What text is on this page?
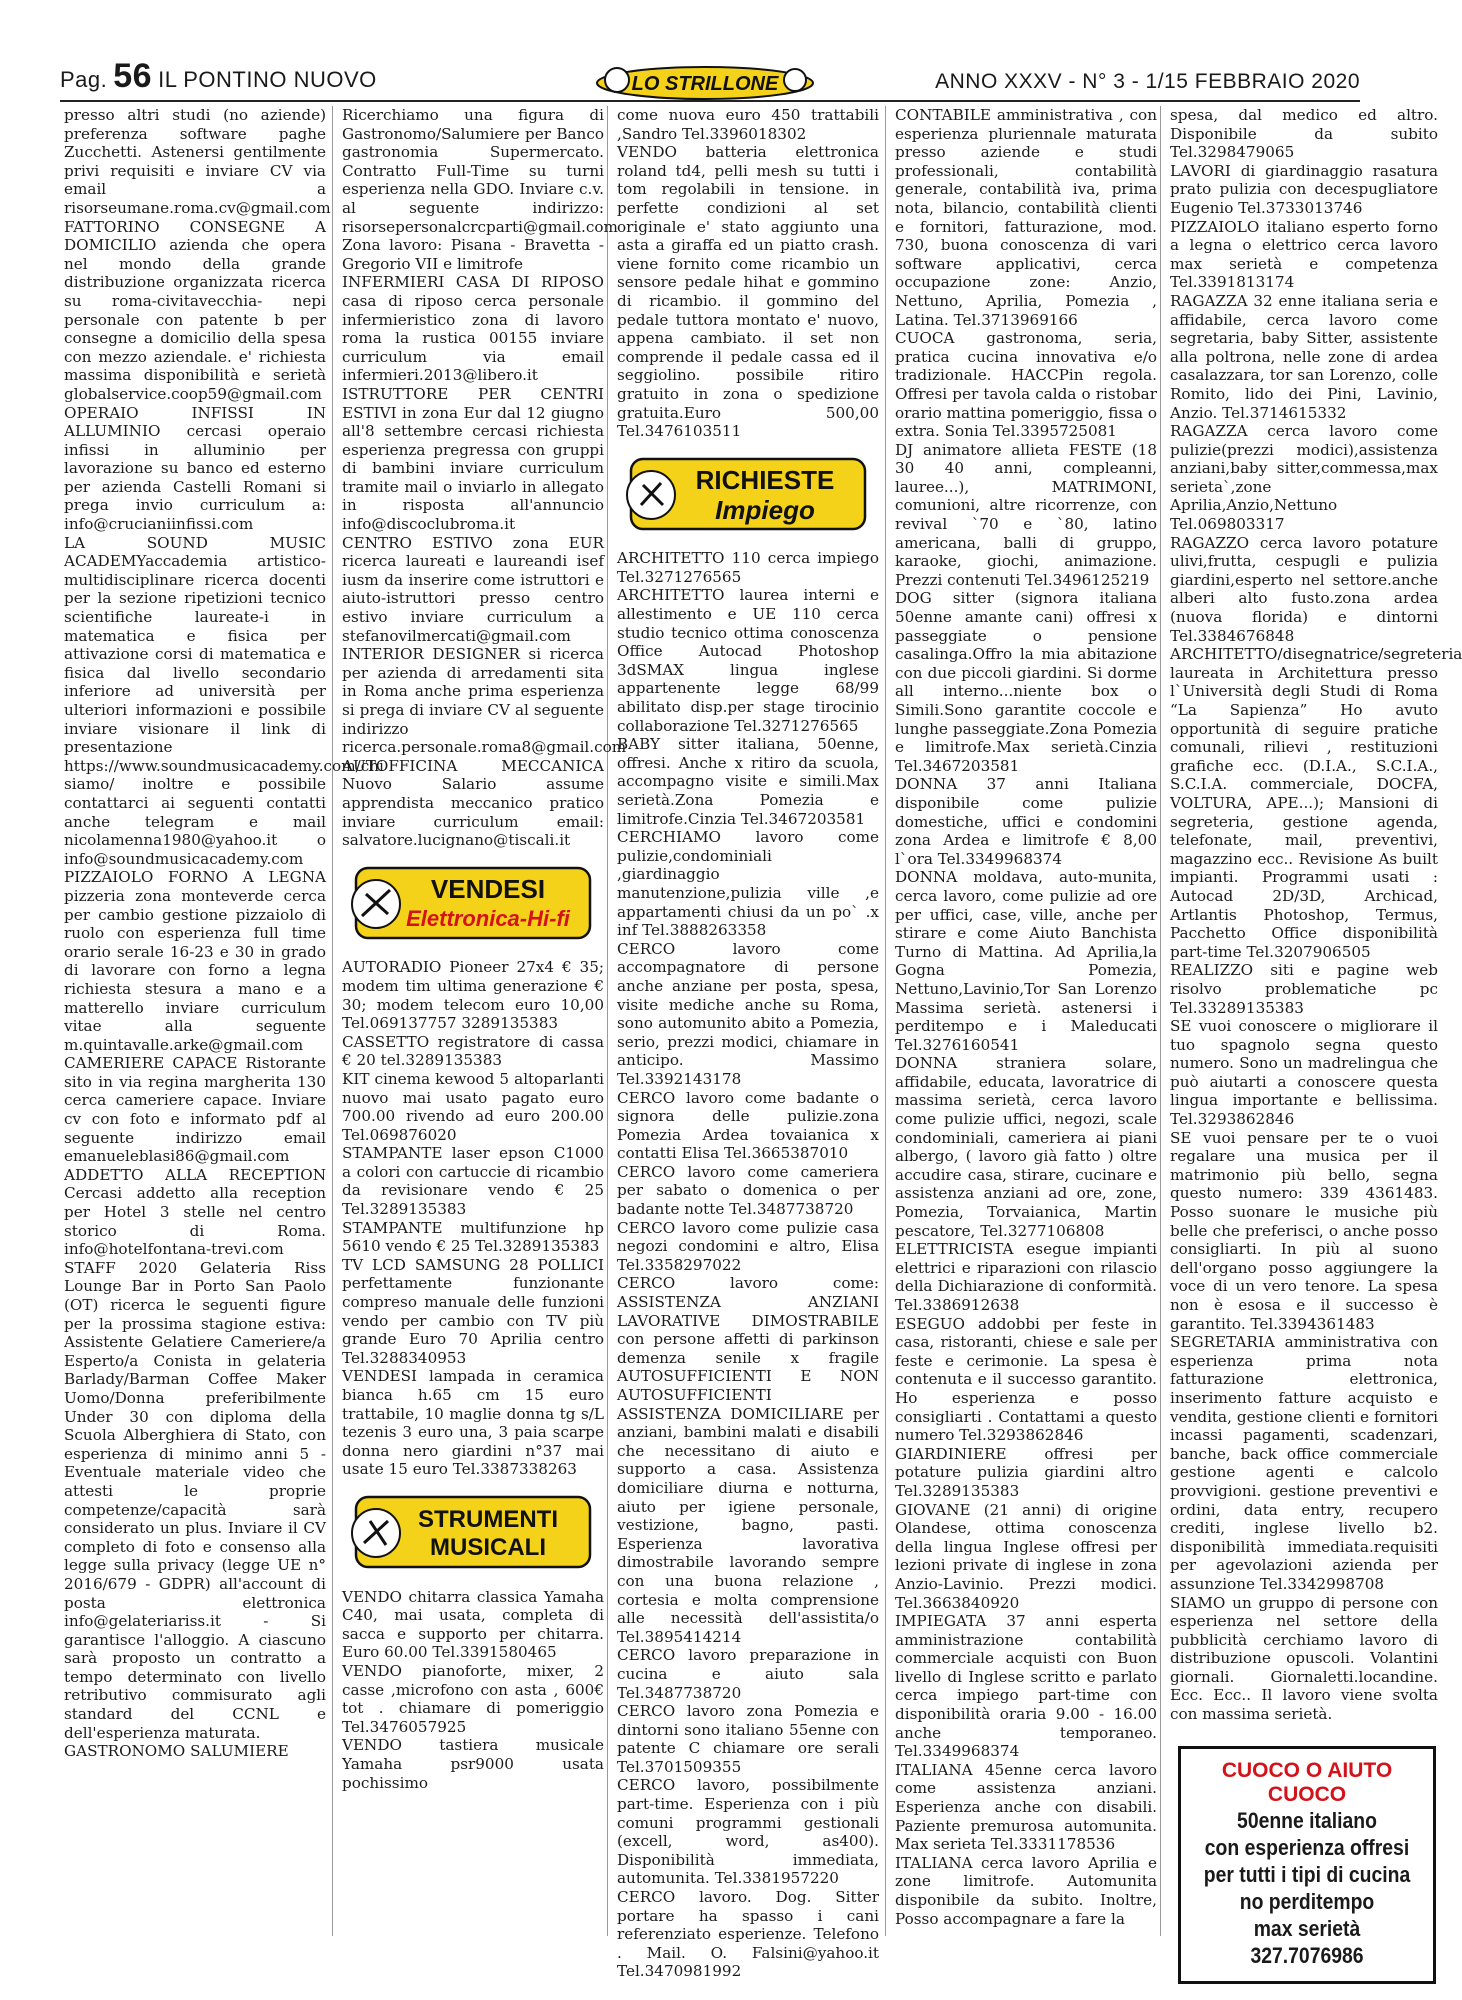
Pag. 56 IL PONTINO NUOVO	ANNO XXXV - N° 3 - 1/15 FEBBRAIO 2020
LO STRILLONE

presso altri studi (no aziende) preferenza software paghe Zucchetti. Astenersi gentilmente privi requisiti e inviare CV via email a risorseumane.roma.cv@gmail.com

FATTORINO CONSEGNE A DOMICILIO azienda che opera nel mondo della grande distribuzione organizzata ricerca su roma-civitavecchia- nepi personale con patente b per consegne a domicilio della spesa con mezzo aziendale. e' richiesta massima disponibilità e serietà globalservice.coop59@gmail.com

OPERAIO INFISSI IN ALLUMINIO cercasi operaio infissi in alluminio per lavorazione su banco ed esterno per azienda Castelli Romani si prega invio curriculum a: info@crucianiinfissi.com

LA SOUND MUSIC ACADEMYaccademia artistico-multidisciplinare ricerca docenti per la sezione ripetizioni tecnico scientifiche laureate-i in matematica e fisica per attivazione corsi di matematica e fisica dal livello secondario inferiore ad università per ulteriori informazioni e possibile inviare visionare il link di presentazione https://www.soundmusicacademy.com/chi siamo/ inoltre e possibile contattarci ai seguenti contatti anche telegram e mail nicolamenna1980@yahoo.it o info@soundmusicacademy.com

PIZZAIOLO FORNO A LEGNA pizzeria zona monteverde cerca per cambio gestione pizzaiolo di ruolo con esperienza full time orario serale 16-23 e 30 in grado di lavorare con forno a legna richiesta stesura a mano e a matterello inviare curriculum vitae alla seguente m.quintavalle.arke@gmail.com

CAMERIERE CAPACE Ristorante sito in via regina margherita 130 cerca cameriere capace. Inviare cv con foto e informato pdf al seguente indirizzo email emanueleblasi86@gmail.com

ADDETTO ALLA RECEPTION Cercasi addetto alla reception per Hotel 3 stelle nel centro storico di Roma. info@hotelfontana-trevi.com

STAFF 2020 Gelateria Riss Lounge Bar in Porto San Paolo (OT) ricerca le seguenti figure per la prossima stagione estiva: Assistente Gelatiere Cameriere/a Esperto/a Conista in gelateria Barlady/Barman Coffee Maker Uomo/Donna preferibilmente Under 30 con diploma della Scuola Alberghiera di Stato, con esperienza di minimo anni 5 - Eventuale materiale video che attesti le proprie competenze/capacità sarà considerato un plus. Inviare il CV completo di foto e consenso alla legge sulla privacy (legge UE n° 2016/679 - GDPR) all'account di posta elettronica info@gelateriariss.it - Si garantisce l'alloggio. A ciascuno sarà proposto un contratto a tempo determinato con livello retributivo commisurato agli standard del CCNL e dell'esperienza maturata.

GASTRONOMO SALUMIERE

Ricerchiamo una figura di Gastronomo/Salumiere per Banco gastronomia Supermercato. Contratto Full-Time su turni esperienza nella GDO. Inviare c.v. al seguente indirizzo: risorsepersonalcrcparti@gmail.com Zona lavoro: Pisana - Bravetta - Gregorio VII e limitrofe

INFERMIERI CASA DI RIPOSO casa di riposo cerca personale infermieristico zona di lavoro roma la rustica 00155 inviare curriculum via email infermieri.2013@libero.it

ISTRUTTORE PER CENTRI ESTIVI in zona Eur dal 12 giugno all'8 settembre cercasi richiesta esperienza pregressa con gruppi di bambini inviare curriculum tramite mail o inviarlo in allegato in risposta all'annuncio info@discoclubroma.it

CENTRO ESTIVO zona EUR ricerca laureati e laureandi isef iusm da inserire come istruttori e aiuto-istruttori presso centro estivo inviare curriculum a stefanovilmercati@gmail.com

INTERIOR DESIGNER si ricerca per azienda di arredamenti sita in Roma anche prima esperienza si prega di inviare CV al seguente indirizzo ricerca.personale.roma8@gmail.com

AUTOFFICINA MECCANICA Nuovo Salario assume apprendista meccanico pratico inviare curriculum email: salvatore.lucignano@tiscali.it

VENDESI
Elettronica-Hi-fi

AUTORADIO Pioneer 27x4 € 35; modem tim ultima generazione € 30; modem telecom euro 10,00 Tel.069137757 3289135383

CASSETTO registratore di cassa € 20 tel.3289135383

KIT cinema kewood 5 altoparlanti nuovo mai usato pagato euro 700.00 rivendo ad euro 200.00 Tel.069876020

STAMPANTE laser epson C1000 a colori con cartuccie di ricambio da revisionare vendo € 25 Tel.3289135383

STAMPANTE multifunzione hp 5610 vendo € 25 Tel.3289135383

TV LCD SAMSUNG 28 POLLICI perfettamente funzionante compreso manuale delle funzioni vendo per cambio con TV più grande Euro 70 Aprilia centro Tel.3288340953

VENDESI lampada in ceramica bianca h.65 cm 15 euro trattabile, 10 maglie donna tg s/L tezenis 3 euro una, 3 paia scarpe donna nero giardini n°37 mai usate 15 euro Tel.3387338263

STRUMENTI
MUSICALI

VENDO chitarra classica Yamaha C40, mai usata, completa di sacca e supporto per chitarra. Euro 60.00 Tel.3391580465

VENDO pianoforte, mixer, 2 casse ,microfono con asta , 600€ tot . chiamare di pomeriggio Tel.3476057925

VENDO tastiera musicale Yamaha psr9000 usata pochissimo

come nuova euro 450 trattabili ,Sandro Tel.3396018302

VENDO batteria elettronica roland td4, pelli mesh su tutti i tom regolabili in tensione. in perfette condizioni al set originale e' stato aggiunto una asta a giraffa ed un piatto crash. viene fornito come ricambio un sensore pedale hihat e gommino di ricambio. il gommino del pedale tuttora montato e' nuovo, appena cambiato. il set non comprende il pedale cassa ed il seggiolino. possibile ritiro gratuito in zona o spedizione gratuita.Euro 500,00 Tel.3476103511

RICHIESTE
Impiego

ARCHITETTO 110 cerca impiego Tel.3271276565

ARCHITETTO laurea interni e allestimento e UE 110 cerca studio tecnico ottima conoscenza Office Autocad Photoshop 3dSMAX lingua inglese appartenente legge 68/99 abilitato disp.per stage tirocinio collaborazione Tel.3271276565

BABY sitter italiana, 50enne, offresi. Anche x ritiro da scuola, accompagno visite e simili.Max serietà.Zona Pomezia e limitrofe.Cinzia Tel.3467203581

CERCHIAMO lavoro come pulizie,condominiali ,giardinaggio manutenzione,pulizia ville ,e appartamenti chiusi da un po` .x inf Tel.3888263358

CERCO lavoro come accompagnatore di persone anche anziane per posta, spesa, visite mediche anche su Roma, sono automunito abito a Pomezia, serio, prezzi modici, chiamare in anticipo. Massimo Tel.3392143178

CERCO lavoro come badante o signora delle pulizie.zona Pomezia Ardea tovaianica x contatti Elisa Tel.3665387010

CERCO lavoro come cameriera per sabato o domenica o per badante notte Tel.3487738720

CERCO lavoro come pulizie casa negozi condomini e altro, Elisa Tel.3358297022

CERCO lavoro come: ASSISTENZA ANZIANI LAVORATIVE DIMOSTRABILE con persone affetti di parkinson demenza senile x fragile AUTOSUFFICIENTI E NON AUTOSUFFICIENTI ASSISTENZA DOMICILIARE per anziani, bambini malati e disabili che necessitano di aiuto e supporto a casa. Assistenza domiciliare diurna e notturna, aiuto per igiene personale, vestizione, bagno, pasti. Esperienza lavorativa dimostrabile lavorando sempre con una buona relazione , cortesia e molta comprensione alle necessità dell'assistita/o Tel.3895414214

CERCO lavoro preparazione in cucina e aiuto sala Tel.3487738720

CERCO lavoro zona Pomezia e dintorni sono italiano 55enne con patente C chiamare ore serali Tel.3701509355

CERCO lavoro, possibilmente part-time. Esperienza con i più comuni programmi gestionali (excell, word, as400). Disponibilità immediata, automunita. Tel.3381957220

CERCO lavoro. Dog. Sitter portare ha spasso i cani referenziato esperienze. Telefono . Mail. O. Falsini@yahoo.it Tel.3470981992

CONTABILE amministrativa , con esperienza pluriennale maturata presso aziende e studi professionali, contabilità generale, contabilità iva, prima nota, bilancio, contabilità clienti e fornitori, fatturazione, mod. 730, buona conoscenza di vari software applicativi, cerca occupazione zone: Anzio, Nettuno, Aprilia, Pomezia , Latina. Tel.3713969166

CUOCA gastronoma, seria, pratica cucina innovativa e/o tradizionale. HACCPin regola. Offresi per tavola calda o ristobar orario mattina pomeriggio, fissa o extra. Sonia Tel.3395725081

DJ animatore allieta FESTE (18 30 40 anni, compleanni, lauree...), MATRIMONI, comunioni, altre ricorrenze, con revival `70 e `80, latino americana, balli di gruppo, karaoke, giochi, animazione. Prezzi contenuti Tel.3496125219

DOG sitter (signora italiana 50enne amante cani) offresi x passeggiate o pensione casalinga.Offro la mia abitazione con due piccoli giardini. Si dorme all interno...niente box o Simili.Sono garantite coccole e lunghe passeggiate.Zona Pomezia e limitrofe.Max serietà.Cinzia Tel.3467203581

DONNA 37 anni Italiana disponibile come pulizie domestiche, uffici e condomini zona Ardea e limitrofe € 8,00 l`ora Tel.3349968374

DONNA moldava, auto-munita, cerca lavoro, come pulizie ad ore per uffici, case, ville, anche per stirare e come Aiuto Banchista Turno di Mattina. Ad Aprilia,la Gogna Pomezia, Nettuno,Lavinio,Tor San Lorenzo Massima serietà. astenersi i perditempo e i Maleducati Tel.3276160541

DONNA straniera solare, affidabile, educata, lavoratrice di massima serietà, cerca lavoro come pulizie uffici, negozi, scale condominiali, cameriera ai piani albergo, ( lavoro già fatto ) oltre accudire casa, stirare, cucinare e assistenza anziani ad ore, zone, Pomezia, Torvaianica, Martin pescatore, Tel.3277106808

ELETTRICISTA esegue impianti elettrici e riparazioni con rilascio della Dichiarazione di conformità. Tel.3386912638

ESEGUO addobbi per feste in casa, ristoranti, chiese e sale per feste e cerimonie. La spesa è contenuta e il successo garantito. Ho esperienza e posso consigliarti . Contattami a questo numero Tel.3293862846

GIARDINIERE offresi per potature pulizia giardini altro Tel.3289135383

GIOVANE (21 anni) di origine Olandese, ottima conoscenza della lingua Inglese offresi per lezioni private di inglese in zona Anzio-Lavinio. Prezzi modici. Tel.3663840920

IMPIEGATA 37 anni esperta amministrazione contabilità commerciale acquisti con Buon livello di Inglese scritto e parlato cerca impiego part-time con disponibilità oraria 9.00 - 16.00 anche temporaneo. Tel.3349968374

ITALIANA 45enne cerca lavoro come assistenza anziani. Esperienza anche con disabili. Paziente premurosa automunita. Max serieta Tel.3331178536

ITALIANA cerca lavoro Aprilia e zone limitrofe. Automunita disponibile da subito. Inoltre, Posso accompagnare a fare la

spesa, dal medico ed altro. Disponibile da subito Tel.3298479065

LAVORI di giardinaggio rasatura prato pulizia con decespugliatore Eugenio Tel.3733013746

PIZZAIOLO italiano esperto forno a legna o elettrico cerca lavoro max serietà e competenza Tel.3391813174

RAGAZZA 32 enne italiana seria e affidabile, cerca lavoro come segretaria, baby Sitter, assistente alla poltrona, nelle zone di ardea casalazzara, tor san Lorenzo, colle Romito, lido dei Pini, Lavinio, Anzio. Tel.3714615332

RAGAZZA cerca lavoro come pulizie(prezzi modici),assistenza anziani,baby sitter,commessa,max serieta`,zone Aprilia,Anzio,Nettuno Tel.069803317

RAGAZZO cerca lavoro potature ulivi,frutta, cespugli e pulizia giardini,esperto nel settore.anche alberi alto fusto.zona ardea (nuova florida) e dintorni Tel.3384676848

ARCHITETTO/disegnatrice/segreteria laureata in Architettura presso l`Università degli Studi di Roma “La Sapienza” Ho avuto opportunità di seguire pratiche comunali, rilievi , restituzioni grafiche ecc. (D.I.A., S.C.I.A., S.C.I.A. commerciale, DOCFA, VOLTURA, APE...); Mansioni di segreteria, gestione agenda, telefonate, mail, preventivi, magazzino ecc.. Revisione As built impianti. Programmi usati : Autocad 2D/3D, Archicad, Artlantis Photoshop, Termus, Pacchetto Office disponibilità part-time Tel.3207906505

REALIZZO siti e pagine web risolvo problematiche pc Tel.33289135383

SE vuoi conoscere o migliorare il tuo spagnolo segna questo numero. Sono un madrelingua che può aiutarti a conoscere questa lingua importante e bellissima. Tel.3293862846

SE vuoi pensare per te o vuoi regalare una musica per il matrimonio più bello, segna questo numero: 339 4361483. Posso suonare le musiche più belle che preferisci, o anche posso consigliarti. In più al suono dell'organo posso aggiungere la voce di un vero tenore. La spesa non è esosa e il successo è garantito. Tel.3394361483

SEGRETARIA amministrativa con esperienza prima nota fatturazione elettronica, inserimento fatture acquisto e vendita, gestione clienti e fornitori incassi pagamenti, scadenzari, banche, back office commerciale gestione agenti e calcolo provvigioni. gestione preventivi e ordini, data entry, recupero crediti, inglese livello b2. disponibilità immediata.requisiti per agevolazioni azienda per assunzione Tel.3342998708

SIAMO un gruppo di persone con esperienza nel settore della pubblicità cerchiamo lavoro di distribuzione opuscoli. Volantini giornali. Giornaletti.locandine. Ecc. Ecc.. Il lavoro viene svolta con massima serietà.

CUOCO O AIUTO CUOCO
50enne italiano
con esperienza offresi
per tutti i tipi di cucina
no perditempo
max serietà
327.7076986
